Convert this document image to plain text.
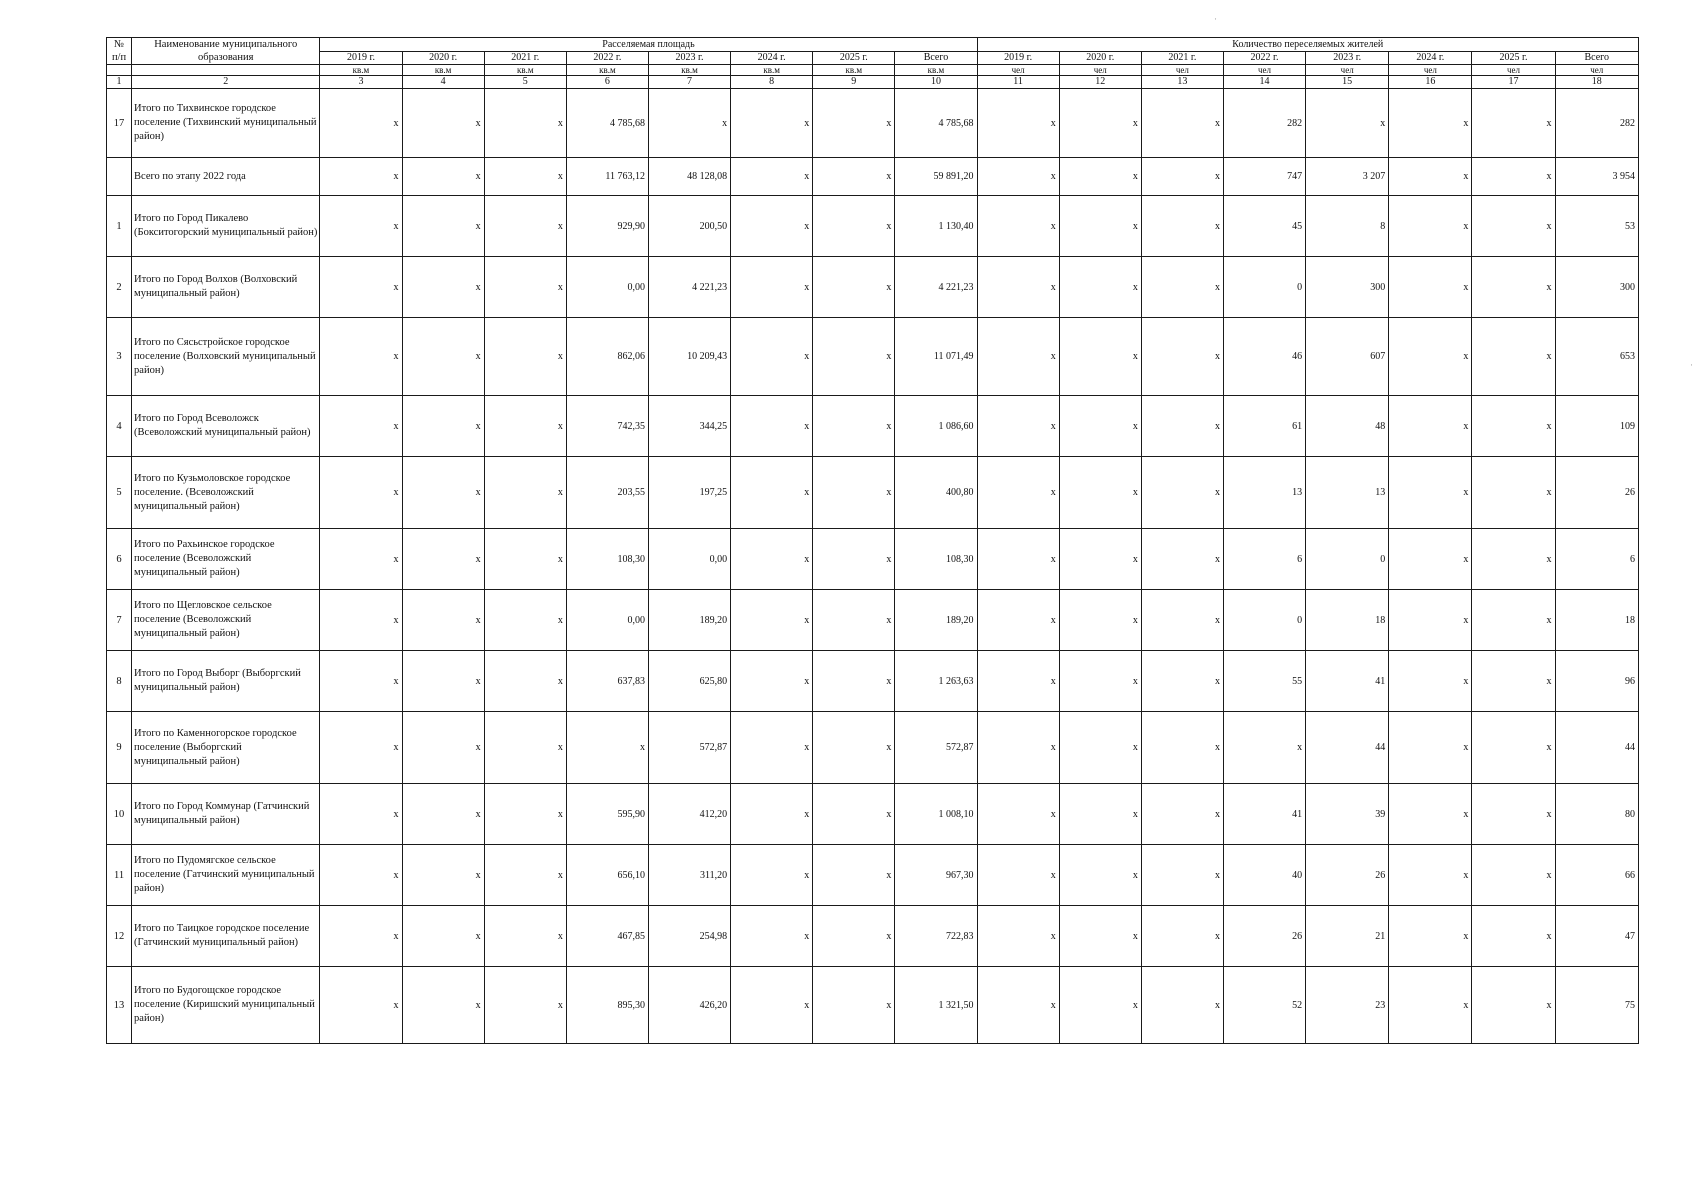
№ п/п	Наименование муниципального образования	Расселяемая площадь								Количество переселяемых жителей							
		2019 г.	2020 г.	2021 г.	2022 г.	2023 г.	2024 г.	2025 г.	Всего	2019 г.	2020 г.	2021 г.	2022 г.	2023 г.	2024 г.	2025 г.	Всего
		кв.м	кв.м	кв.м	кв.м	кв.м	кв.м	кв.м	кв.м	чел	чел	чел	чел	чел	чел	чел	чел
1	2	3	4	5	6	7	8	9	10	11	12	13	14	15	16	17	18
17	Итого по Тихвинское городское поселение (Тихвинский муниципальный район)	x	x	x	4 785,68	x	x	x	4 785,68	x	x	x	282	x	x	x	282
	Всего по этапу 2022 года	x	x	x	11 763,12	48 128,08	x	x	59 891,20	x	x	x	747	3 207	x	x	3 954
1	Итого по Город Пикалево (Бокситогорский муниципальный район)	x	x	x	929,90	200,50	x	x	1 130,40	x	x	x	45	8	x	x	53
2	Итого по Город Волхов (Волховский муниципальный район)	x	x	x	0,00	4 221,23	x	x	4 221,23	x	x	x	0	300	x	x	300
3	Итого по Сясьстройское городское поселение (Волховский муниципальный район)	x	x	x	862,06	10 209,43	x	x	11 071,49	x	x	x	46	607	x	x	653
4	Итого по Город Всеволожск (Всеволожский муниципальный район)	x	x	x	742,35	344,25	x	x	1 086,60	x	x	x	61	48	x	x	109
5	Итого по Кузьмоловское городское поселение. (Всеволожский муниципальный район)	x	x	x	203,55	197,25	x	x	400,80	x	x	x	13	13	x	x	26
6	Итого по Рахьинское городское поселение (Всеволожский муниципальный район)	x	x	x	108,30	0,00	x	x	108,30	x	x	x	6	0	x	x	6
7	Итого по Щегловское сельское поселение (Всеволожский муниципальный район)	x	x	x	0,00	189,20	x	x	189,20	x	x	x	0	18	x	x	18
8	Итого по Город Выборг (Выборгский муниципальный район)	x	x	x	637,83	625,80	x	x	1 263,63	x	x	x	55	41	x	x	96
9	Итого по Каменногорское городское поселение (Выборгский муниципальный район)	x	x	x	x	572,87	x	x	572,87	x	x	x	x	44	x	x	44
10	Итого по Город Коммунар (Гатчинский муниципальный район)	x	x	x	595,90	412,20	x	x	1 008,10	x	x	x	41	39	x	x	80
11	Итого по Пудомягское сельское поселение (Гатчинский муниципальный район)	x	x	x	656,10	311,20	x	x	967,30	x	x	x	40	26	x	x	66
12	Итого по Таицкое городское поселение (Гатчинский муниципальный район)	x	x	x	467,85	254,98	x	x	722,83	x	x	x	26	21	x	x	47
13	Итого по Будогощское городское поселение (Киришский муниципальный район)	x	x	x	895,30	426,20	x	x	1 321,50	x	x	x	52	23	x	x	75
·
·
